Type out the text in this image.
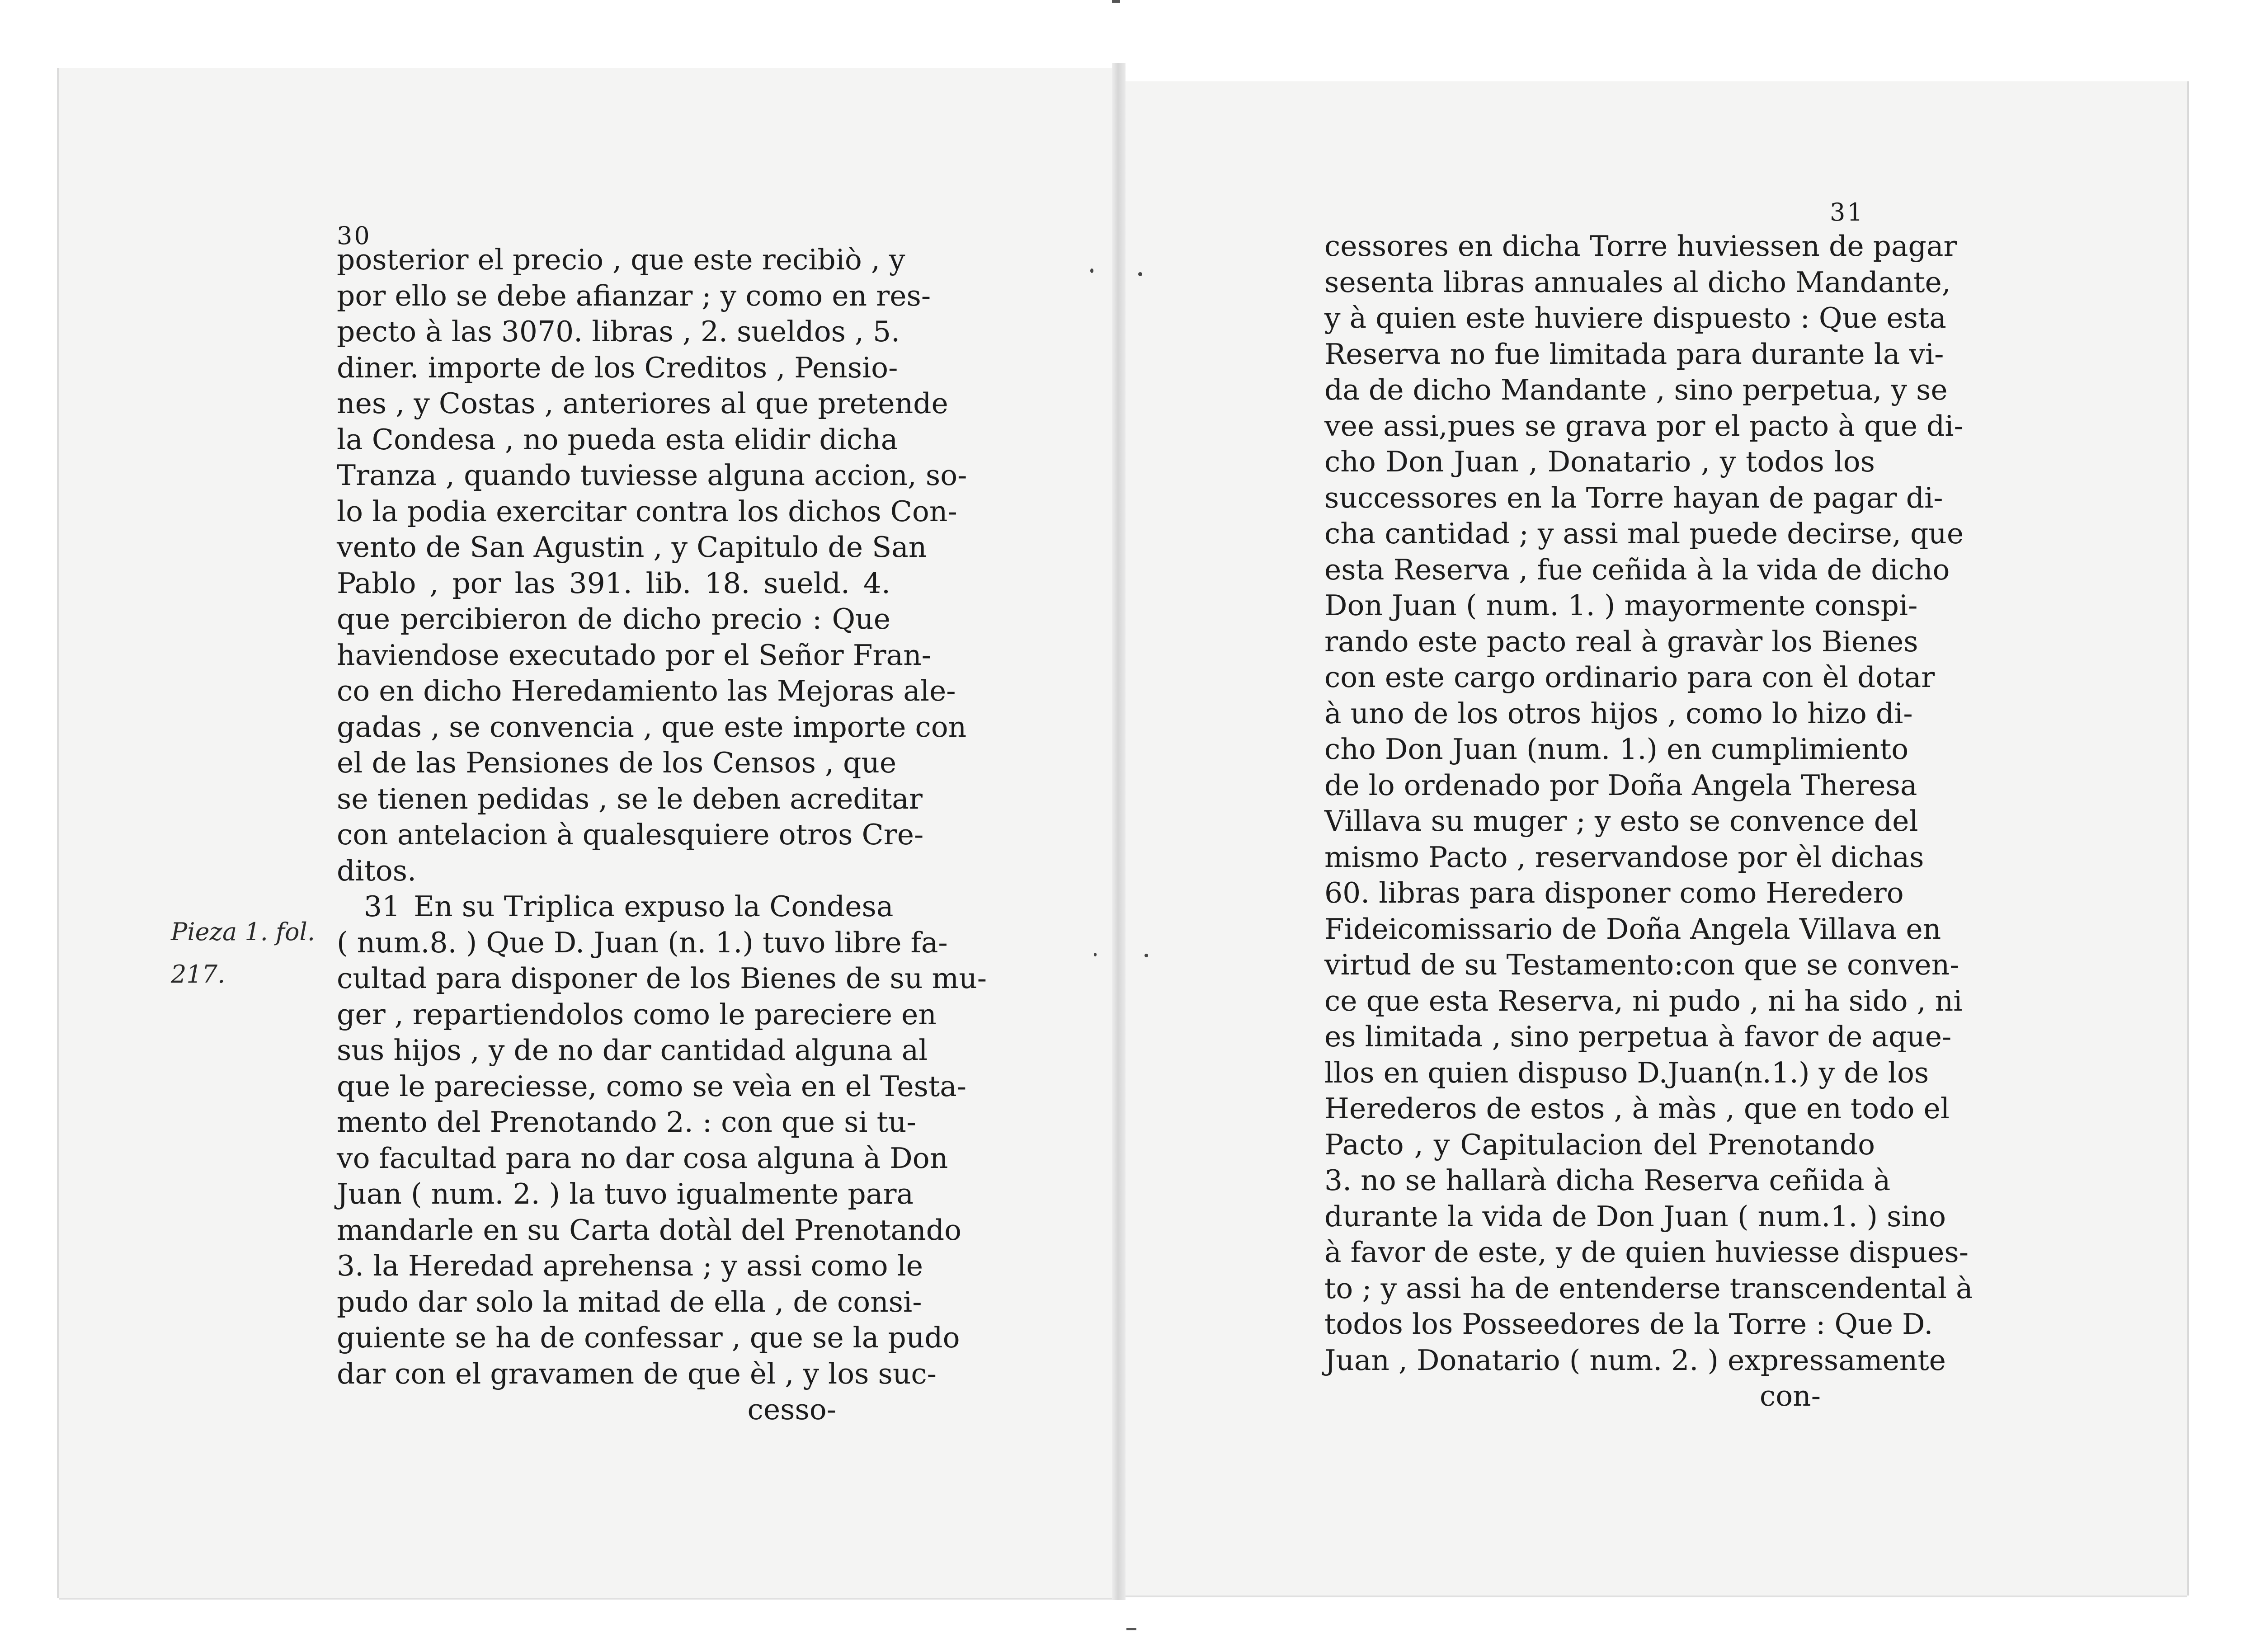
30
Pieza 1. fol.
217.
posterior el precio , que este recibiò , y
por ello se debe afianzar ; y como en res-
pecto à las 3070. libras , 2. sueldos , 5.
diner. importe de los Creditos , Pensio-
nes , y Costas , anteriores al que pretende
la Condesa , no pueda esta elidir dicha
Tranza , quando tuviesse alguna accion, so-
lo la podia exercitar contra los dichos Con-
vento de San Agustin , y Capitulo de San
Pablo , por las 391. lib. 18. sueld. 4.
que percibieron de dicho precio : Que
haviendose executado por el Señor Fran-
co en dicho Heredamiento las Mejoras ale-
gadas , se convencia , que este importe con
el de las Pensiones de los Censos , que
se tienen pedidas , se le deben acreditar
con antelacion à qualesquiere otros Cre-
ditos.
31 En su Triplica expuso la Condesa
( num.8. ) Que D. Juan (n. 1.) tuvo libre fa-
cultad para disponer de los Bienes de su mu-
ger , repartiendolos como le pareciere en
sus hijos , y de no dar cantidad alguna al
que le pareciesse, como se veìa en el Testa-
mento del Prenotando 2. : con que si tu-
vo facultad para no dar cosa alguna à Don
Juan ( num. 2. ) la tuvo igualmente para
mandarle en su Carta dotàl del Prenotando
3. la Heredad aprehensa ; y assi como le
pudo dar solo la mitad de ella , de consi-
guiente se ha de confessar , que se la pudo
dar con el gravamen de que èl , y los suc-
cesso-
31
cessores en dicha Torre huviessen de pagar
sesenta libras annuales al dicho Mandante,
y à quien este huviere dispuesto : Que esta
Reserva no fue limitada para durante la vi-
da de dicho Mandante , sino perpetua, y se
vee assi,pues se grava por el pacto à que di-
cho Don Juan , Donatario , y todos los
successores en la Torre hayan de pagar di-
cha cantidad ; y assi mal puede decirse, que
esta Reserva , fue ceñida à la vida de dicho
Don Juan ( num. 1. ) mayormente conspi-
rando este pacto real à gravàr los Bienes
con este cargo ordinario para con èl dotar
à uno de los otros hijos , como lo hizo di-
cho Don Juan (num. 1.) en cumplimiento
de lo ordenado por Doña Angela Theresa
Villava su muger ; y esto se convence del
mismo Pacto , reservandose por èl dichas
60. libras para disponer como Heredero
Fideicomissario de Doña Angela Villava en
virtud de su Testamento:con que se conven-
ce que esta Reserva, ni pudo , ni ha sido , ni
es limitada , sino perpetua à favor de aque-
llos en quien dispuso D.Juan(n.1.) y de los
Herederos de estos , à màs , que en todo el
Pacto , y Capitulacion del Prenotando
3. no se hallarà dicha Reserva ceñida à
durante la vida de Don Juan ( num.1. ) sino
à favor de este, y de quien huviesse dispues-
to ; y assi ha de entenderse transcendental à
todos los Posseedores de la Torre : Que D.
Juan , Donatario ( num. 2. ) expressamente
con-
